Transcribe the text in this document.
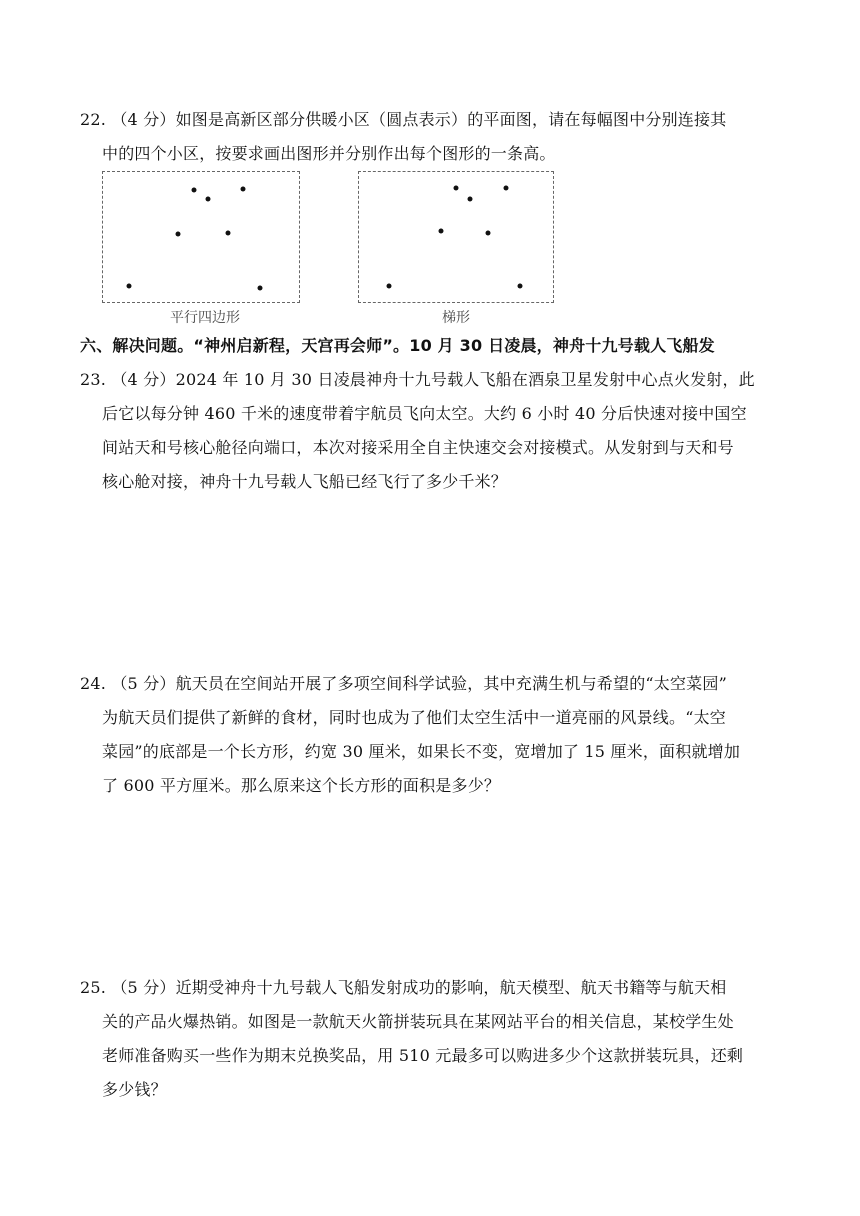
22. （4 分）如图是高新区部分供暖小区（圆点表示）的平面图，请在每幅图中分别连接其
中的四个小区，按要求画出图形并分别作出每个图形的一条高。
平行四边形	梯形
六、解决问题。“神州启新程，天宫再会师”。10 月 30 日凌晨，神舟十九号载人飞船发
23. （4 分）2024 年 10 月 30 日凌晨神舟十九号载人飞船在酒泉卫星发射中心点火发射，此
后它以每分钟 460 千米的速度带着宇航员飞向太空。大约 6 小时 40 分后快速对接中国空
间站天和号核心舱径向端口，本次对接采用全自主快速交会对接模式。从发射到与天和号
核心舱对接，神舟十九号载人飞船已经飞行了多少千米？
24. （5 分）航天员在空间站开展了多项空间科学试验，其中充满生机与希望的“太空菜园”
为航天员们提供了新鲜的食材，同时也成为了他们太空生活中一道亮丽的风景线。“太空
菜园”的底部是一个长方形，约宽 30 厘米，如果长不变，宽增加了 15 厘米，面积就增加
了 600 平方厘米。那么原来这个长方形的面积是多少？
25. （5 分）近期受神舟十九号载人飞船发射成功的影响，航天模型、航天书籍等与航天相
关的产品火爆热销。如图是一款航天火箭拼装玩具在某网站平台的相关信息，某校学生处
老师准备购买一些作为期末兑换奖品，用 510 元最多可以购进多少个这款拼装玩具，还剩
多少钱？
